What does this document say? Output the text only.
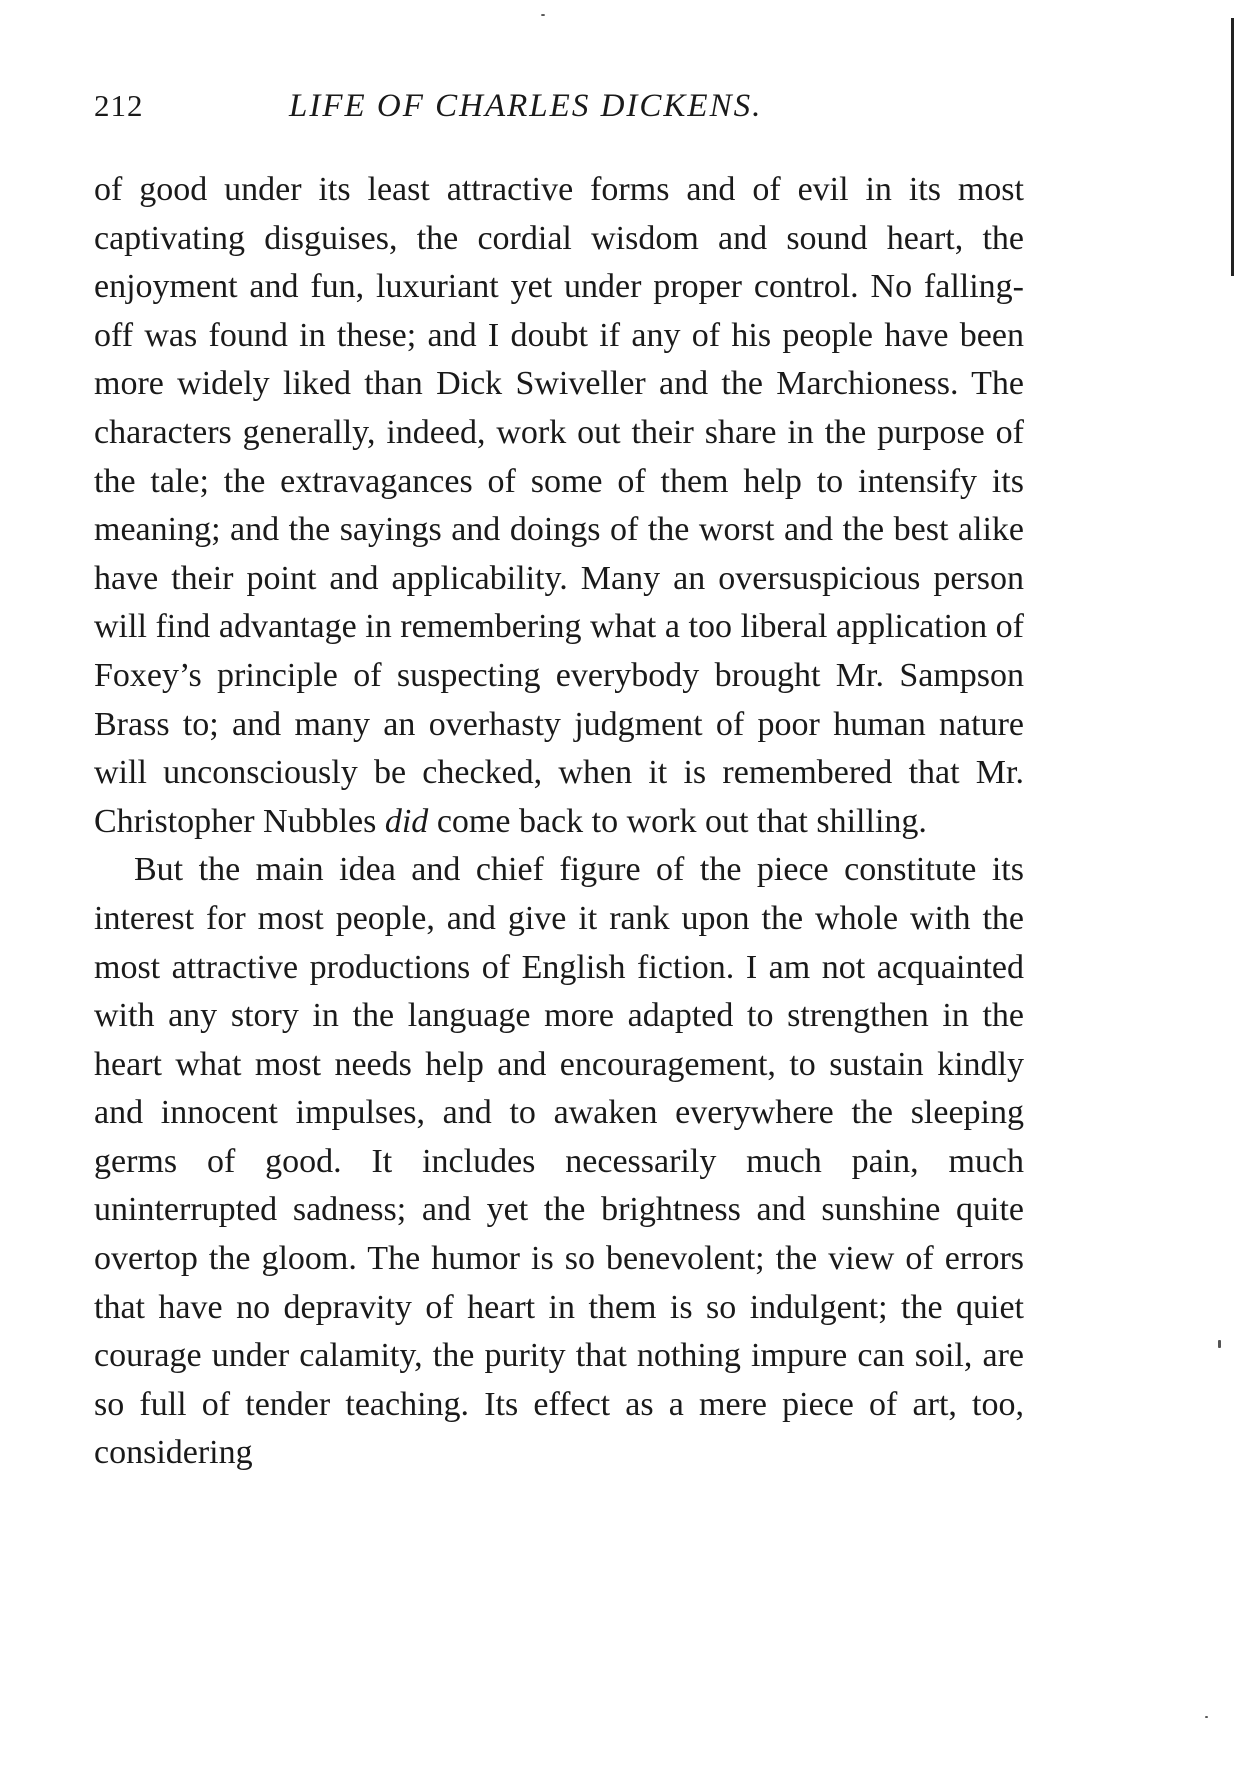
212	LIFE OF CHARLES DICKENS.

of good under its least attractive forms and of evil in its most captivating disguises, the cordial wisdom and sound heart, the enjoyment and fun, luxuriant yet under proper control. No falling-off was found in these; and I doubt if any of his people have been more widely liked than Dick Swiveller and the Marchioness. The characters generally, indeed, work out their share in the purpose of the tale; the extravagances of some of them help to intensify its meaning; and the sayings and doings of the worst and the best alike have their point and applicability. Many an oversuspicious person will find advantage in remembering what a too liberal application of Foxey’s principle of suspecting everybody brought Mr. Sampson Brass to; and many an overhasty judgment of poor human nature will unconsciously be checked, when it is remembered that Mr. Christopher Nubbles did come back to work out that shilling.

But the main idea and chief figure of the piece constitute its interest for most people, and give it rank upon the whole with the most attractive productions of English fiction. I am not acquainted with any story in the language more adapted to strengthen in the heart what most needs help and encouragement, to sustain kindly and innocent impulses, and to awaken everywhere the sleeping germs of good. It includes necessarily much pain, much uninterrupted sadness; and yet the brightness and sunshine quite overtop the gloom. The humor is so benevolent; the view of errors that have no depravity of heart in them is so indulgent; the quiet courage under calamity, the purity that nothing impure can soil, are so full of tender teaching. Its effect as a mere piece of art, too, considering
